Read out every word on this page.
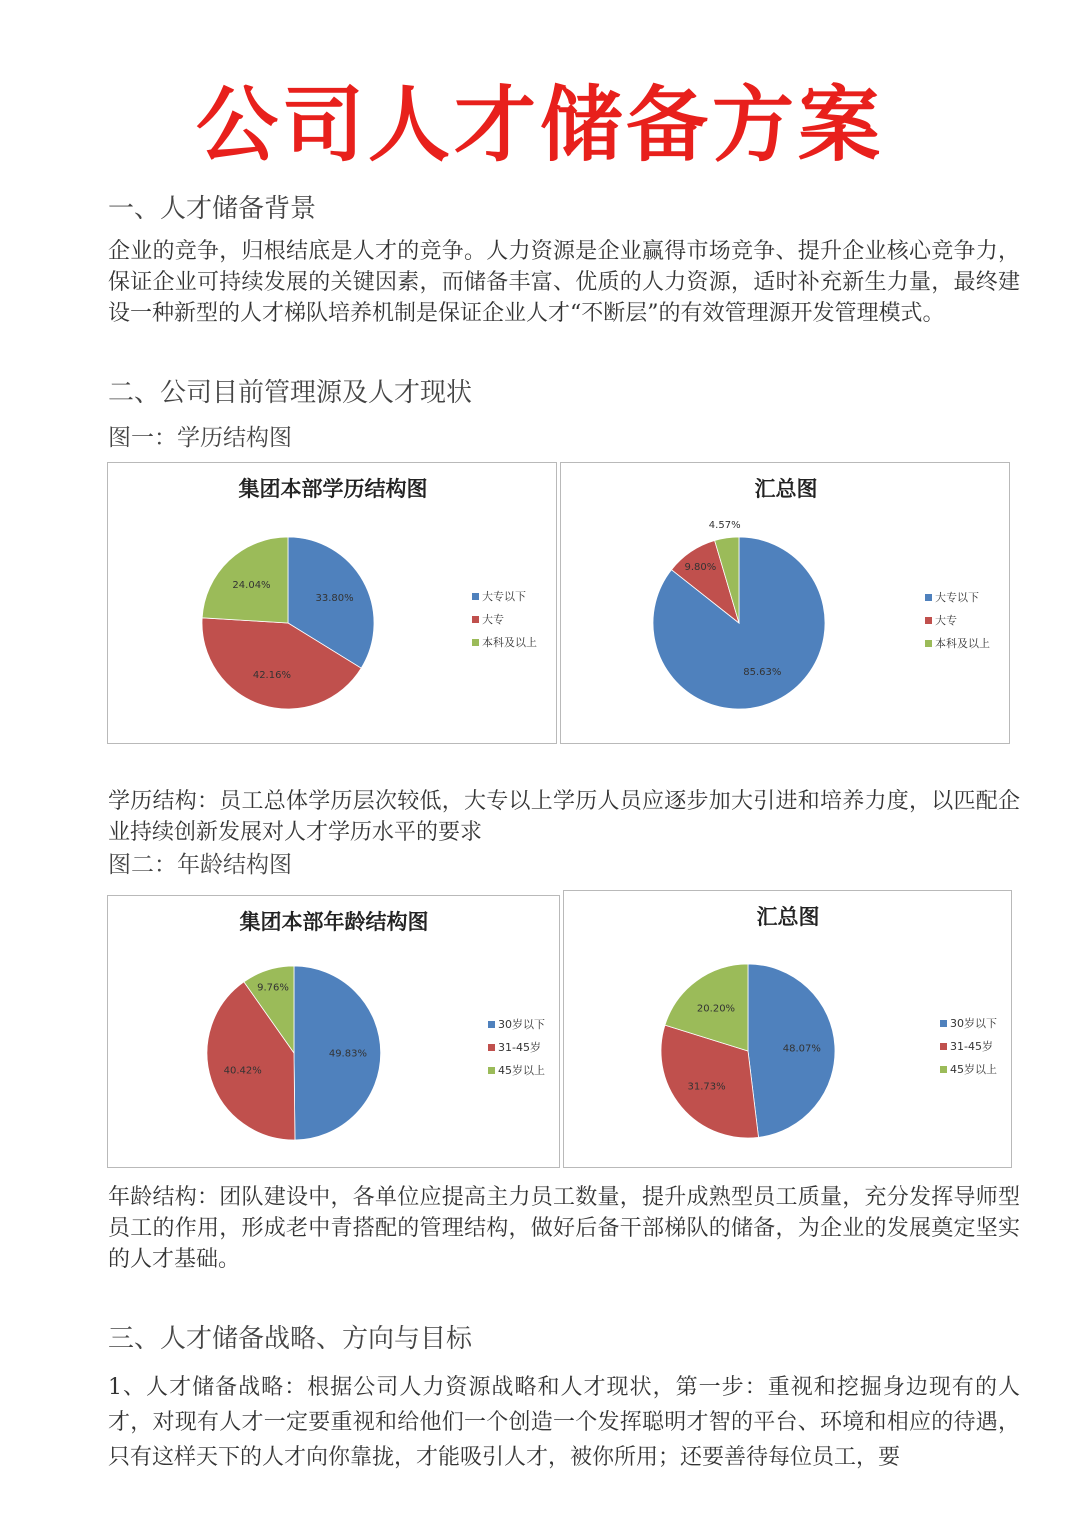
公司人才储备方案
一、人才储备背景
企业的竞争，归根结底是人才的竞争。人力资源是企业赢得市场竞争、提升企业核心竞争力，保证企业可持续发展的关键因素，而储备丰富、优质的人力资源，适时补充新生力量，最终建设一种新型的人才梯队培养机制是保证企业人才“不断层”的有效管理源开发管理模式。
二、公司目前管理源及人才现状
图一：学历结构图
集团本部学历结构图
33.80%
42.16%
24.04%
大专以下
大专
本科及以上
汇总图
85.63%
9.80%
4.57%
大专以下
大专
本科及以上
学历结构：员工总体学历层次较低，大专以上学历人员应逐步加大引进和培养力度，以匹配企业持续创新发展对人才学历水平的要求
图二：年龄结构图
集团本部年龄结构图
49.83%
40.42%
9.76%
30岁以下
31-45岁
45岁以上
汇总图
48.07%
31.73%
20.20%
30岁以下
31-45岁
45岁以上
年龄结构：团队建设中，各单位应提高主力员工数量，提升成熟型员工质量，充分发挥导师型员工的作用，形成老中青搭配的管理结构，做好后备干部梯队的储备，为企业的发展奠定坚实的人才基础。
三、人才储备战略、方向与目标
1、人才储备战略：根据公司人力资源战略和人才现状，第一步：重视和挖掘身边现有的人才，对现有人才一定要重视和给他们一个创造一个发挥聪明才智的平台、环境和相应的待遇，只有这样天下的人才向你靠拢，才能吸引人才，被你所用；还要善待每位员工，要
